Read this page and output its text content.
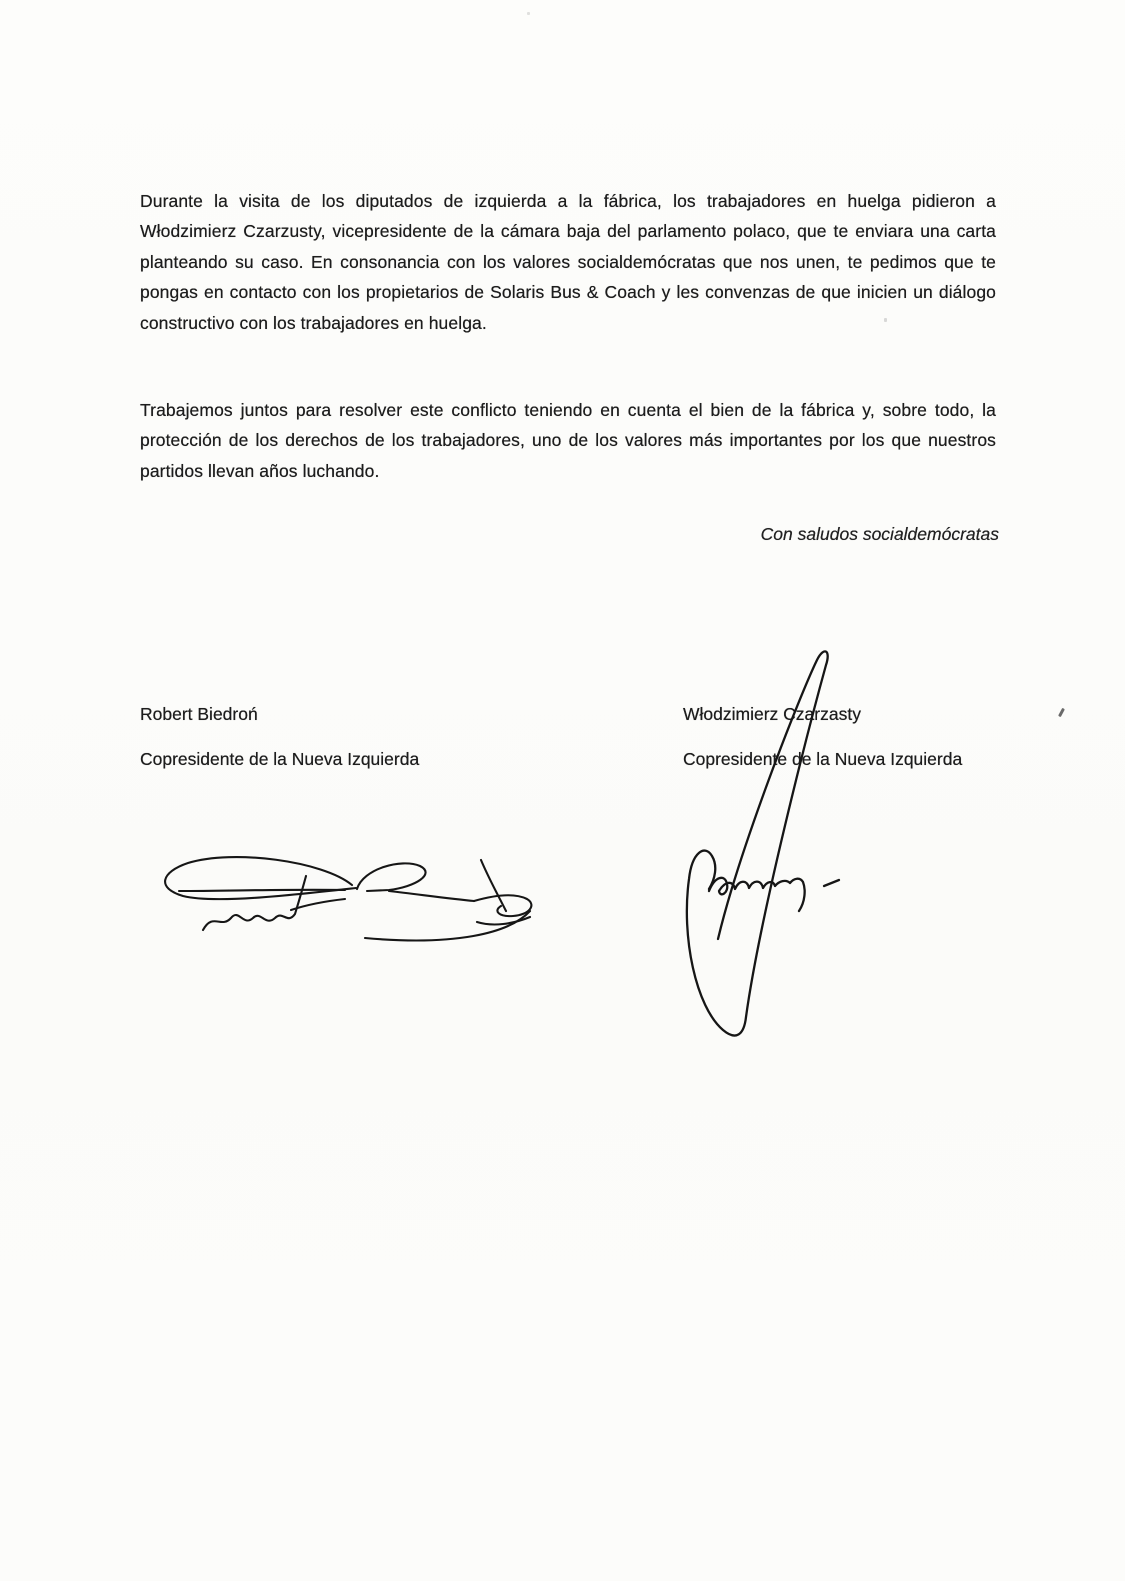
Durante la visita de los diputados de izquierda a la fábrica, los trabajadores en huelga pidieron a Włodzimierz Czarzusty, vicepresidente de la cámara baja del parlamento polaco, que te enviara una carta planteando su caso. En consonancia con los valores socialdemócratas que nos unen, te pedimos que te pongas en contacto con los propietarios de Solaris Bus & Coach y les convenzas de que inicien un diálogo constructivo con los trabajadores en huelga.

Trabajemos juntos para resolver este conflicto teniendo en cuenta el bien de la fábrica y, sobre todo, la protección de los derechos de los trabajadores, uno de los valores más importantes por los que nuestros partidos llevan años luchando.

Con saludos socialdemócratas
Robert Biedroń
Copresidente de la Nueva Izquierda
Włodzimierz Czarzasty
Copresidente de la Nueva Izquierda
